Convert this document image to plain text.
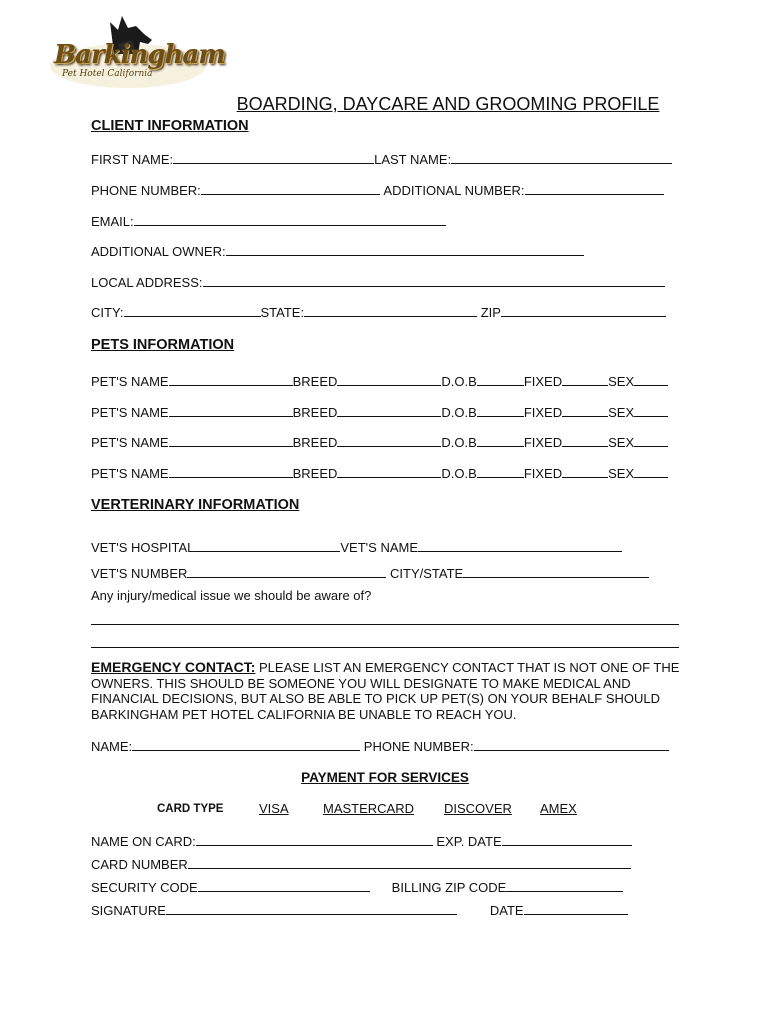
Barkingham
Pet Hotel California
BOARDING, DAYCARE AND GROOMING PROFILE
CLIENT INFORMATION
FIRST NAME:	LAST NAME:
PHONE NUMBER:	ADDITIONAL NUMBER:
EMAIL:
ADDITIONAL OWNER:
LOCAL ADDRESS:
CITY:	STATE:	ZIP
PETS INFORMATION
PET'S NAME	BREED	D.O.B	FIXED	SEX
PET'S NAME	BREED	D.O.B	FIXED	SEX
PET'S NAME	BREED	D.O.B	FIXED	SEX
PET'S NAME	BREED	D.O.B	FIXED	SEX
VERTERINARY INFORMATION
VET'S HOSPITAL	VET'S NAME
VET'S NUMBER	CITY/STATE
Any injury/medical issue we should be aware of?
EMERGENCY CONTACT: PLEASE LIST AN EMERGENCY CONTACT THAT IS NOT ONE OF THE OWNERS. THIS SHOULD BE SOMEONE YOU WILL DESIGNATE TO MAKE MEDICAL AND FINANCIAL DECISIONS, BUT ALSO BE ABLE TO PICK UP PET(S) ON YOUR BEHALF SHOULD BARKINGHAM PET HOTEL CALIFORNIA BE UNABLE TO REACH YOU.
NAME:	PHONE NUMBER:
PAYMENT FOR SERVICES
CARD TYPE	VISA	MASTERCARD DISCOVER AMEX
NAME ON CARD:	EXP. DATE
CARD NUMBER
SECURITY CODE	BILLING ZIP CODE
SIGNATURE	DATE
